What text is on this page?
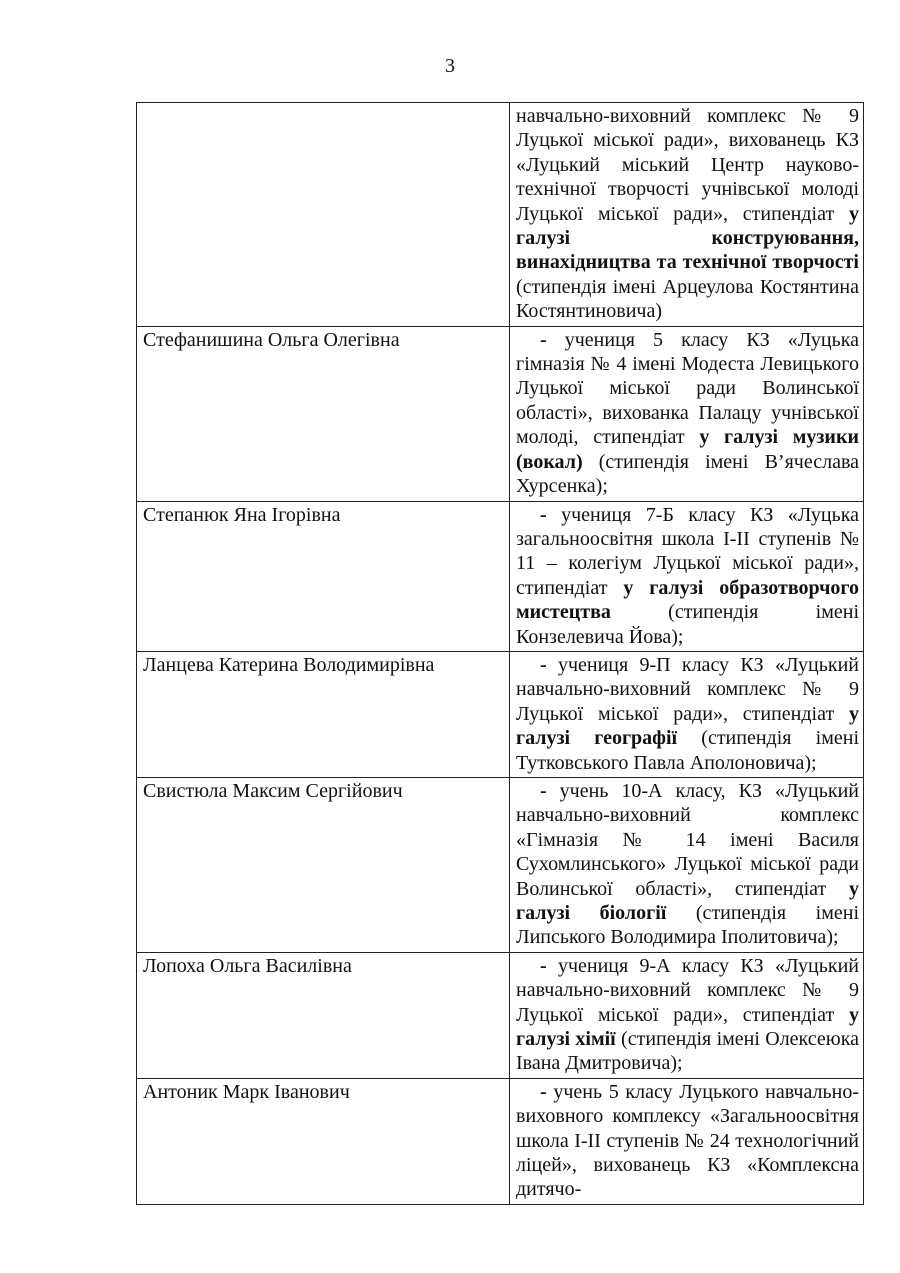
3
	навчально-виховний комплекс № 9 Луцької міської ради», вихованець КЗ «Луцький міський Центр науково-технічної творчості учнівської молоді Луцької міської ради», стипендіат у галузі конструювання, винахідництва та технічної творчості (стипендія імені Арцеулова Костянтина Костянтиновича)
Стефанишина Ольга Олегівна	- учениця 5 класу КЗ «Луцька гімназія № 4 імені Модеста Левицького Луцької міської ради Волинської області», вихованка Палацу учнівської молоді, стипендіат у галузі музики (вокал) (стипендія імені В’ячеслава Хурсенка);
Степанюк Яна Ігорівна	- учениця 7-Б класу КЗ «Луцька загальноосвітня школа І-ІІ ступенів № 11 – колегіум Луцької міської ради», стипендіат у галузі образотворчого мистецтва (стипендія імені Конзелевича Йова);
Ланцева Катерина Володимирівна	- учениця 9-П класу КЗ «Луцький навчально-виховний комплекс № 9 Луцької міської ради», стипендіат у галузі географії (стипендія імені Тутковського Павла Аполоновича);
Свистюла Максим Сергійович	- учень 10-А класу, КЗ «Луцький навчально-виховний комплекс «Гімназія № 14 імені Василя Сухомлинського» Луцької міської ради Волинської області», стипендіат у галузі біології (стипендія імені Липського Володимира Іполитовича);
Лопоха Ольга Василівна	- учениця 9-А класу КЗ «Луцький навчально-виховний комплекс № 9 Луцької міської ради», стипендіат у галузі хімії (стипендія імені Олексеюка Івана Дмитровича);
Антоник Марк Іванович	- учень 5 класу Луцького навчально-виховного комплексу «Загальноосвітня школа І-ІІ ступенів № 24 технологічний ліцей», вихованець КЗ «Комплексна дитячо-
